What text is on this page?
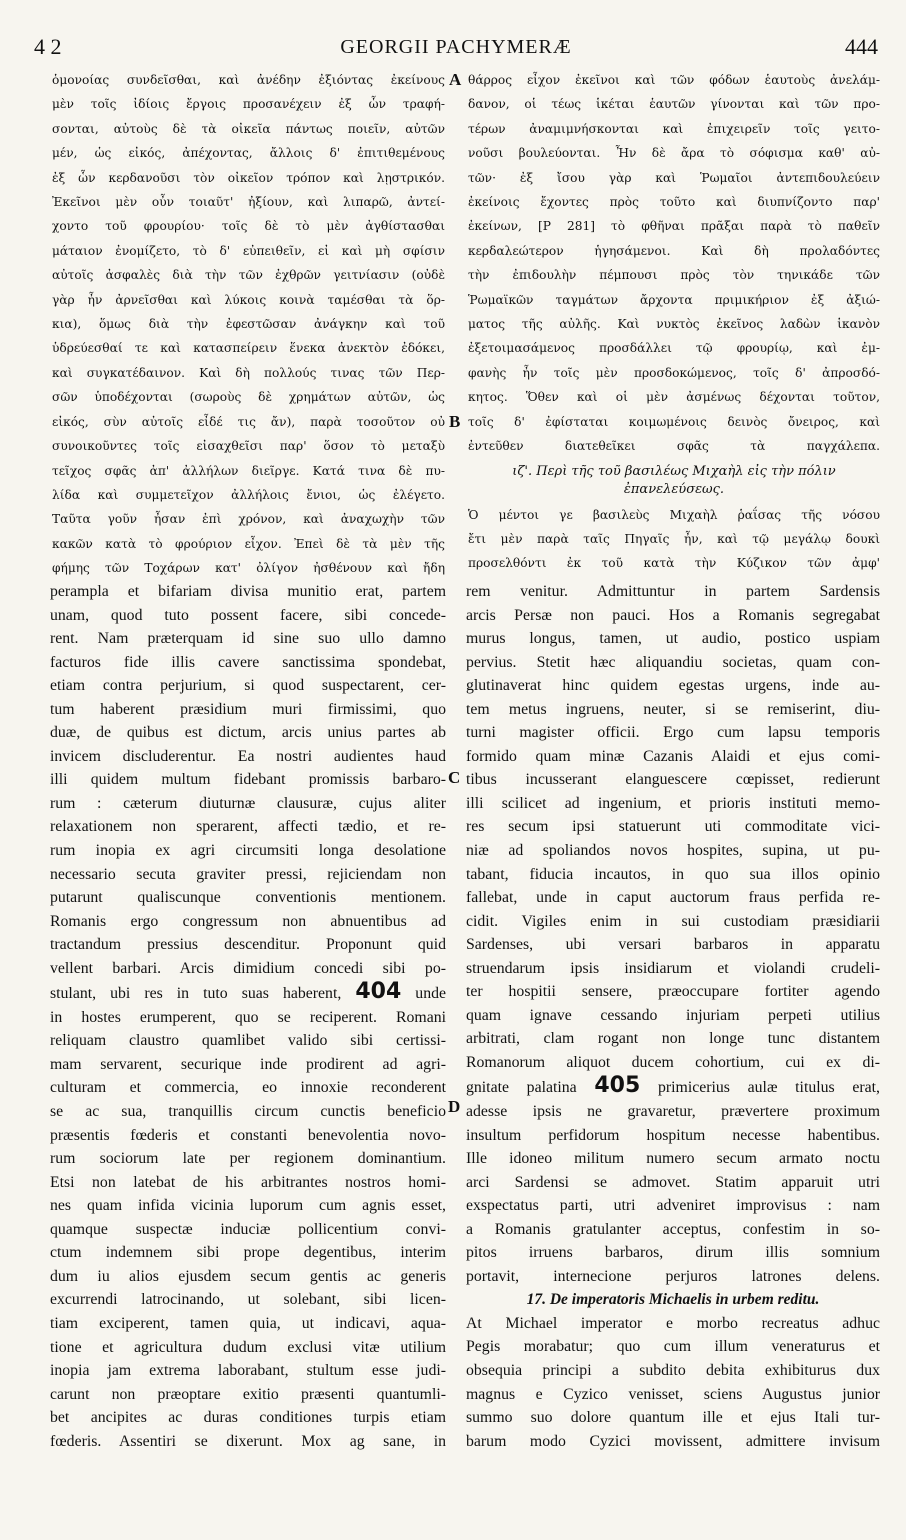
4 2	GEORGII PACHYMERÆ	444
ὁμονοίας συνδεῖσθαι, καὶ ἀνέδην ἐξιόντας ἐκείνους
μὲν τοῖς ἰδίοις ἔργοις προσανέχειν ἐξ ὧν τραφή-
σονται, αὐτοὺς δὲ τὰ οἰκεῖα πάντως ποιεῖν, αὐτῶν
μέν, ὡς εἰκός, ἀπέχοντας, ἄλλοις δ' ἐπιτιθεμένους
ἐξ ὧν κερδανοῦσι τὸν οἰκεῖον τρόπον καὶ λῃστρικόν.
Ἐκεῖνοι μὲν οὖν τοιαῦτ' ἠξίουν, καὶ λιπαρῶ, ἀντεί-
χοντο τοῦ φρουρίου· τοῖς δὲ τὸ μὲν ἀγθίστασθαι
μάταιον ἐνομίζετο, τὸ δ' εὐπειθεῖν, εἰ καὶ μὴ σφίσιν
αὐτοῖς ἀσφαλὲς διὰ τὴν τῶν ἐχθρῶν γειτνίασιν (οὐδὲ
γὰρ ἦν ἀρνεῖσθαι καὶ λύκοις κοινὰ ταμέσθαι τὰ ὅρ-
κια), ὅμως διὰ τὴν ἐφεστῶσαν ἀνάγκην καὶ τοῦ
ὑδρεύεσθαί τε καὶ κατασπείρειν ἕνεκα ἀνεκτὸν ἐδόκει,
καὶ συγκατέδαινον. Καὶ δὴ πολλούς τινας τῶν Περ-
σῶν ὑποδέχονται (σωροὺς δὲ χρημάτων αὐτῶν, ὡς
εἰκός, σὺν αὐτοῖς εἶδέ τις ἄν), παρὰ τοσοῦτον οὐ
συνοικοῦντες τοῖς εἰσαχθεῖσι παρ' ὅσον τὸ μεταξὺ
τεῖχος σφᾶς ἀπ' ἀλλήλων διεῖργε. Κατά τινα δὲ πυ-
λίδα καὶ συμμετεῖχον ἀλλήλοις ἔνιοι, ὡς ἐλέγετο.
Ταῦτα γοῦν ἦσαν ἐπὶ χρόνον, καὶ ἀναχωχὴν τῶν
κακῶν κατὰ τὸ φρούριον εἶχον. Ἐπεὶ δὲ τὰ μὲν τῆς
φήμης τῶν Τοχάρων κατ' ὀλίγον ἠσθένουν καὶ ἤδη
θάρρος εἶχον ἐκεῖνοι καὶ τῶν φόδων ἑαυτοὺς ἀνελάμ-
δανον, οἱ τέως ἱκέται ἑαυτῶν γίνονται καὶ τῶν προ-
τέρων ἀναμιμνήσκονται καὶ ἐπιχειρεῖν τοῖς γειτο-
νοῦσι βουλεύονται. Ἦν δὲ ἄρα τὸ σόφισμα καθ' αὐ-
τῶν· ἐξ ἴσου γὰρ καὶ Ῥωμαῖοι ἀντεπιδουλεύειν
ἐκείνοις ἔχοντες πρὸς τοῦτο καὶ διυπνίζοντο παρ'
ἐκείνων, [P 281] τὸ φθῆναι πρᾶξαι παρὰ τὸ παθεῖν
κερδαλεώτερον ἡγησάμενοι. Καὶ δὴ προλαδόντες
τὴν ἐπιδουλὴν πέμπουσι πρὸς τὸν τηνικάδε τῶν
Ῥωμαϊκῶν ταγμάτων ἄρχοντα πριμικήριον ἐξ ἀξιώ-
ματος τῆς αὐλῆς. Καὶ νυκτὸς ἐκεῖνος λαδὼν ἱκανὸν
ἐξετοιμασάμενος προσδάλλει τῷ φρουρίῳ, καὶ ἐμ-
φανὴς ἦν τοῖς μὲν προσδοκώμενος, τοῖς δ' ἀπροσδό-
κητος. Ὅθεν καὶ οἱ μὲν ἀσμένως δέχονται τοῦτον,
τοῖς δ' ἐφίσταται κοιμωμένοις δεινὸς ὄνειρος, καὶ
ἐντεῦθεν διατεθεῖκει σφᾶς τὰ παγχάλεπα.
ιζ'. Περὶ τῆς τοῦ βασιλέως Μιχαὴλ εἰς τὴν πόλιν ἐπανελεύσεως.
Ὁ μέντοι γε βασιλεὺς Μιχαὴλ ῥαΐσας τῆς νόσου
ἔτι μὲν παρὰ ταῖς Πηγαῖς ἦν, καὶ τῷ μεγάλῳ δουκὶ
προσελθόντι ἐκ τοῦ κατὰ τὴν Κύζικον τῶν ἀμφ'
perampla et bifariam divisa munitio erat, partem
unam, quod tuto possent facere, sibi concede-
rent. Nam præterquam id sine suo ullo damno
facturos fide illis cavere sanctissima spondebat,
etiam contra perjurium, si quod suspectarent, cer-
tum haberent præsidium muri firmissimi, quo
duæ, de quibus est dictum, arcis unius partes ab
invicem discluderentur. Ea nostri audientes haud
illi quidem multum fidebant promissis barbaro-
rum : cæterum diuturnæ clausuræ, cujus aliter
relaxationem non sperarent, affecti tædio, et re-
rum inopia ex agri circumsiti longa desolatione
necessario secuta graviter pressi, rejiciendam non
putarunt qualiscunque conventionis mentionem.
Romanis ergo congressum non abnuentibus ad
tractandum pressius descenditur. Proponunt quid
vellent barbari. Arcis dimidium concedi sibi po-
stulant, ubi res in tuto suas haberent, 404 unde
in hostes erumperent, quo se reciperent. Romani
reliquam claustro quamlibet valido sibi certissi-
mam servarent, securique inde prodirent ad agri-
culturam et commercia, eo innoxie reconderent
se ac sua, tranquillis circum cunctis beneficio
præsentis fœderis et constanti benevolentia novo-
rum sociorum late per regionem dominantium.
Etsi non latebat de his arbitrantes nostros homi-
nes quam infida vicinia luporum cum agnis esset,
quamque suspectæ induciæ pollicentium convi-
ctum indemnem sibi prope degentibus, interim
dum iu alios ejusdem secum gentis ac generis
excurrendi latrocinando, ut solebant, sibi licen-
tiam exciperent, tamen quia, ut indicavi, aqua-
tione et agricultura dudum exclusi vitæ utilium
inopia jam extrema laborabant, stultum esse judi-
carunt non præoptare exitio præsenti quantumli-
bet ancipites ac duras conditiones turpis etiam
fœderis. Assentiri se dixerunt. Mox ag sane, in
rem venitur. Admittuntur in partem Sardensis
arcis Persæ non pauci. Hos a Romanis segregabat
murus longus, tamen, ut audio, postico uspiam
pervius. Stetit hæc aliquandiu societas, quam con-
glutinaverat hinc quidem egestas urgens, inde au-
tem metus ingruens, neuter, si se remiserint, diu-
turni magister officii. Ergo cum lapsu temporis
formido quam minæ Cazanis Alaidi et ejus comi-
tibus incusserant elanguescere cœpisset, redierunt
illi scilicet ad ingenium, et prioris instituti memo-
res secum ipsi statuerunt uti commoditate vici-
niæ ad spoliandos novos hospites, supina, ut pu-
tabant, fiducia incautos, in quo sua illos opinio
fallebat, unde in caput auctorum fraus perfida re-
cidit. Vigiles enim in sui custodiam præsidiarii
Sardenses, ubi versari barbaros in apparatu
struendarum ipsis insidiarum et violandi crudeli-
ter hospitii sensere, præoccupare fortiter agendo
quam ignave cessando injuriam perpeti utilius
arbitrati, clam rogant non longe tunc distantem
Romanorum aliquot ducem cohortium, cui ex di-
gnitate palatina 405 primicerius aulæ titulus erat,
adesse ipsis ne gravaretur, prævertere proximum
insultum perfidorum hospitum necesse habentibus.
Ille idoneo militum numero secum armato noctu
arci Sardensi se admovet. Statim apparuit utri
exspectatus parti, utri adveniret improvisus : nam
a Romanis gratulanter acceptus, confestim in so-
pitos irruens barbaros, dirum illis somnium
portavit, internecione perjuros latrones delens.
17. De imperatoris Michaelis in urbem reditu.
At Michael imperator e morbo recreatus adhuc
Pegis morabatur; quo cum illum veneraturus et
obsequia principi a subdito debita exhibiturus dux
magnus e Cyzico venisset, sciens Augustus junior
summo suo dolore quantum ille et ejus Itali tur-
barum modo Cyzici movissent, admittere invisum
A
B
C
D
